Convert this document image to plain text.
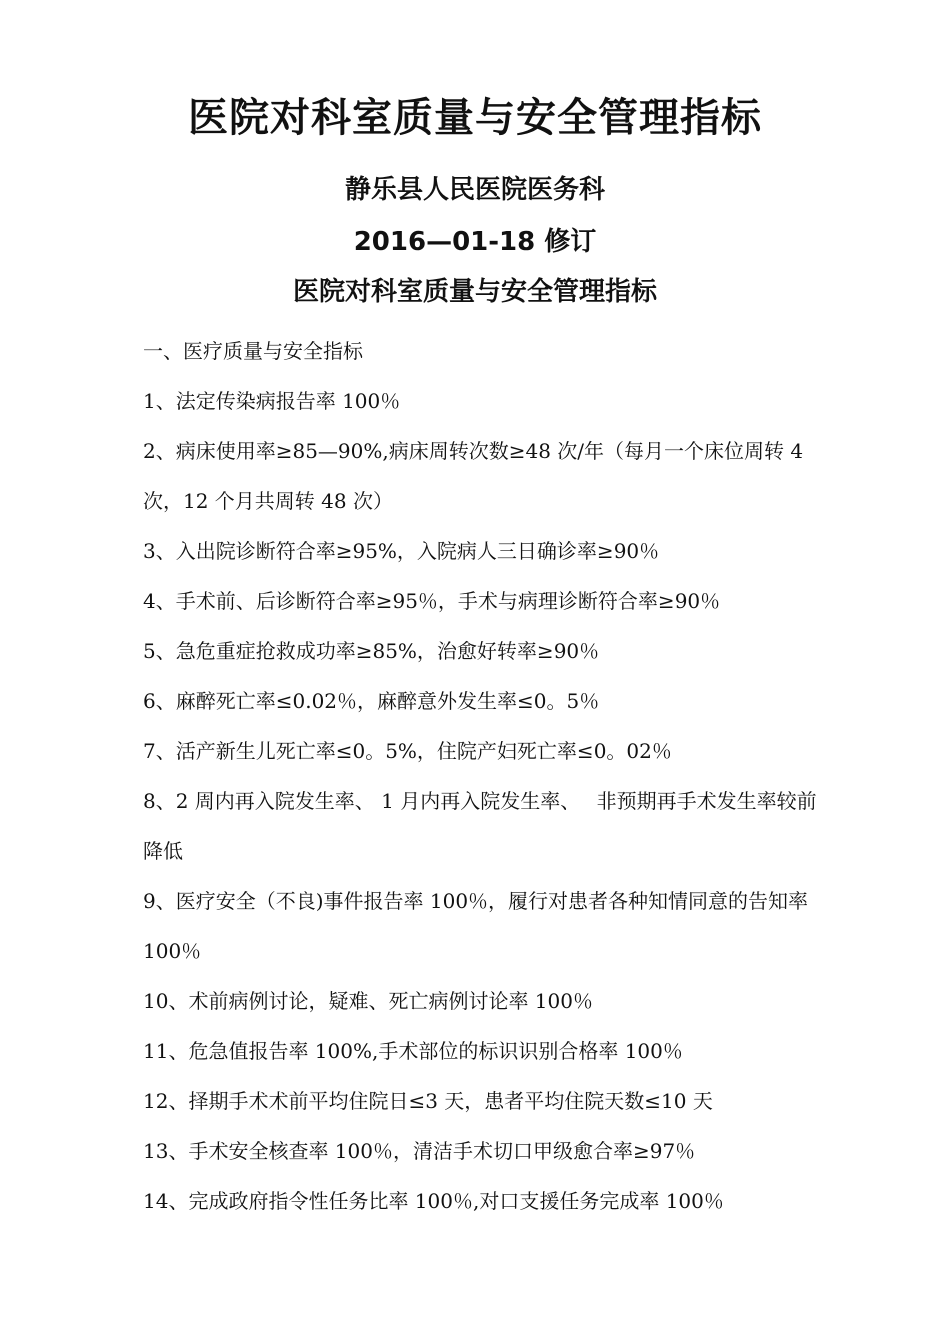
医院对科室质量与安全管理指标
静乐县人民医院医务科
2016—01-18 修订
医院对科室质量与安全管理指标

一、医疗质量与安全指标

1、法定传染病报告率 100％

2、病床使用率≥85—90%,病床周转次数≥48 次/年（每月一个床位周转 4 次，12 个月共周转 48 次）

3、入出院诊断符合率≥95%，入院病人三日确诊率≥90％

4、手术前、后诊断符合率≥95％，手术与病理诊断符合率≥90％

5、急危重症抢救成功率≥85%，治愈好转率≥90％

6、麻醉死亡率≤0.02％，麻醉意外发生率≤0。5％

7、活产新生儿死亡率≤0。5%，住院产妇死亡率≤0。02％

8、2 周内再入院发生率、 1 月内再入院发生率、　 非预期再手术发生率较前降低

9、医疗安全（不良)事件报告率 100％，履行对患者各种知情同意的告知率 100％

10、术前病例讨论，疑难、死亡病例讨论率 100％

11、危急值报告率 100%,手术部位的标识识别合格率 100％

12、择期手术术前平均住院日≤3 天，患者平均住院天数≤10 天

13、手术安全核查率 100％，清洁手术切口甲级愈合率≥97％

14、完成政府指令性任务比率 100％,对口支援任务完成率 100％
